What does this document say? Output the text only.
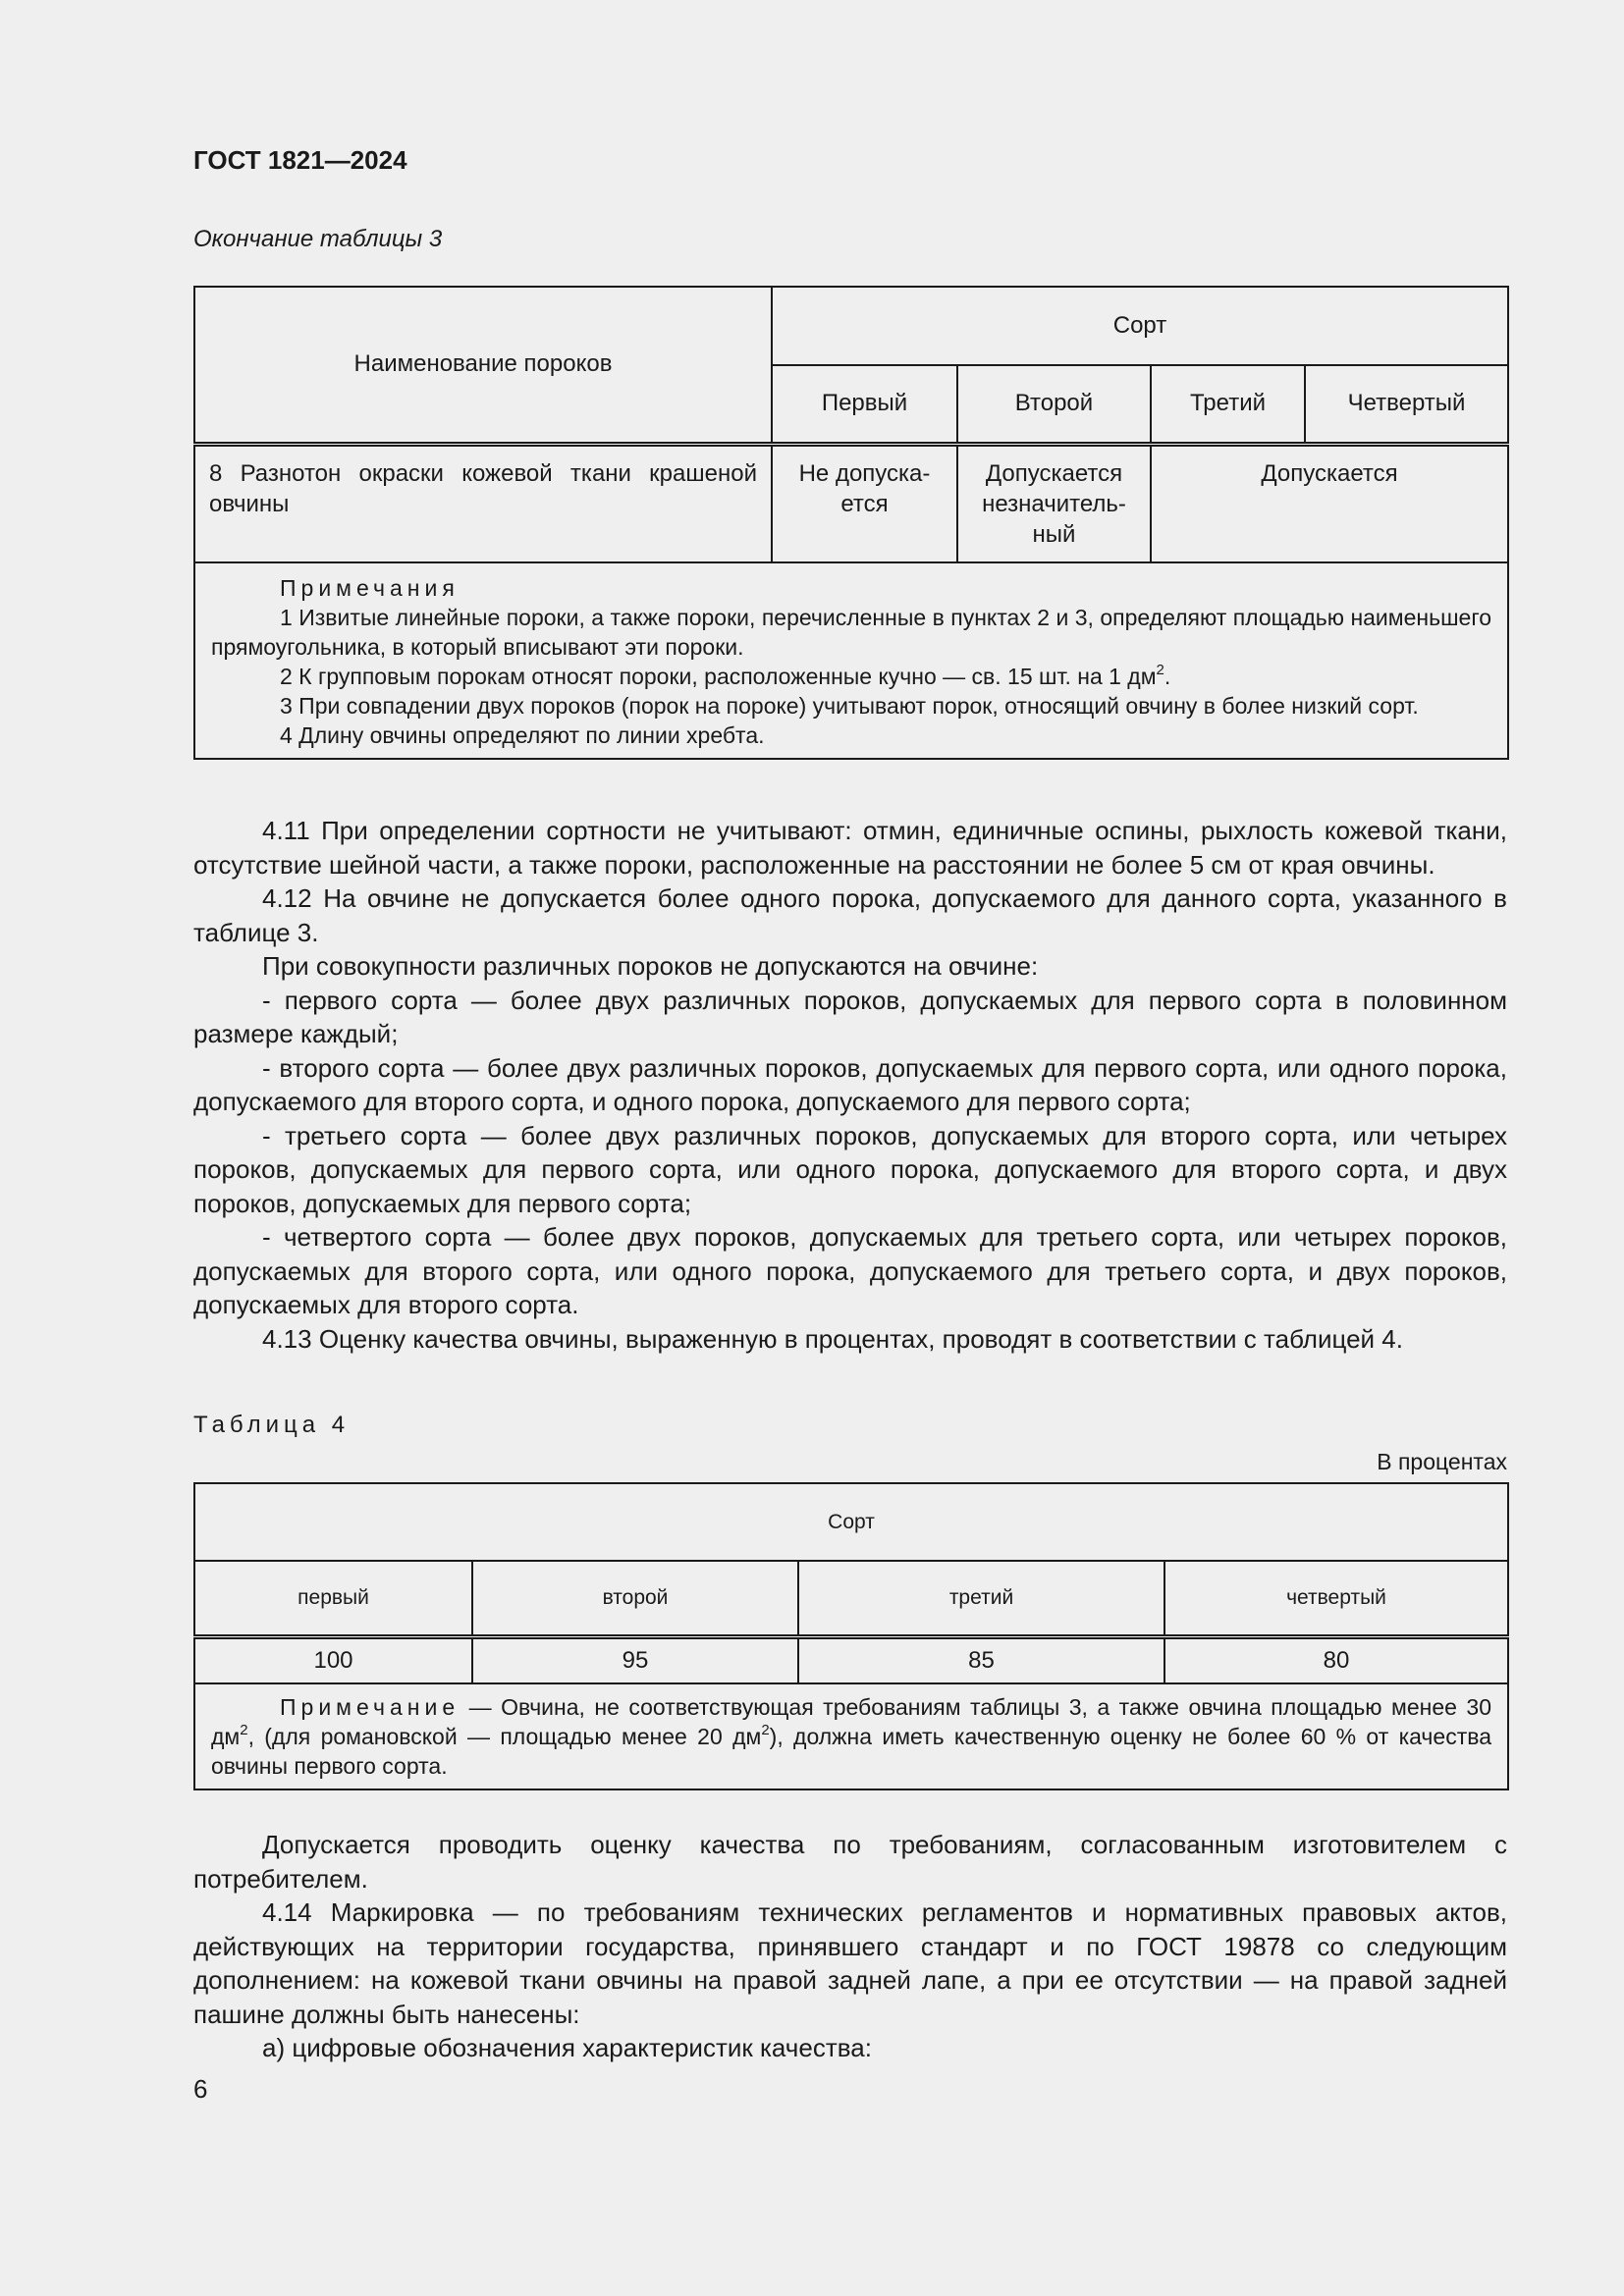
ГОСТ 1821—2024
Окончание таблицы 3
Наименование пороков	Сорт			
	Первый	Второй	Третий	Четвертый
8 Разнотон окраски кожевой ткани крашеной овчины	Не допуска-ется	Допускается незначитель-ный	Допускается	

Примечания
1 Извитые линейные пороки, а также пороки, перечисленные в пунктах 2 и 3, определяют площадью наименьшего прямоугольника, в который вписывают эти пороки.
2 К групповым порокам относят пороки, расположенные кучно — св. 15 шт. на 1 $дм^2$.
3 При совпадении двух пороков (порок на пороке) учитывают порок, относящий овчину в более низкий сорт.
4 Длину овчины определяют по линии хребта.				

4.11 При определении сортности не учитывают: отмин, единичные оспины, рыхлость кожевой ткани, отсутствие шейной части, а также пороки, расположенные на расстоянии не более 5 см от края овчины.

4.12 На овчине не допускается более одного порока, допускаемого для данного сорта, указанного в таблице 3.

При совокупности различных пороков не допускаются на овчине:

- первого сорта — более двух различных пороков, допускаемых для первого сорта в половинном размере каждый;

- второго сорта — более двух различных пороков, допускаемых для первого сорта, или одного порока, допускаемого для второго сорта, и одного порока, допускаемого для первого сорта;

- третьего сорта — более двух различных пороков, допускаемых для второго сорта, или четырех пороков, допускаемых для первого сорта, или одного порока, допускаемого для второго сорта, и двух пороков, допускаемых для первого сорта;

- четвертого сорта — более двух пороков, допускаемых для третьего сорта, или четырех пороков, допускаемых для второго сорта, или одного порока, допускаемого для третьего сорта, и двух пороков, допускаемых для второго сорта.

4.13 Оценку качества овчины, выраженную в процентах, проводят в соответствии с таблицей 4.

Таблица 4
В процентах
Сорт			
первый	второй	третий	четвертый
100	95	85	80

Примечание — Овчина, не соответствующая требованиям таблицы 3, а также овчина площадью менее 30 $дм^2$, (для романовской — площадью менее 20 $дм^2$), должна иметь качественную оценку не более 60 % от качества овчины первого сорта.			

Допускается проводить оценку качества по требованиям, согласованным изготовителем с потребителем.

4.14 Маркировка — по требованиям технических регламентов и нормативных правовых актов, действующих на территории государства, принявшего стандарт и по ГОСТ 19878 со следующим дополнением: на кожевой ткани овчины на правой задней лапе, а при ее отсутствии — на правой задней пашине должны быть нанесены:

а) цифровые обозначения характеристик качества:

6
